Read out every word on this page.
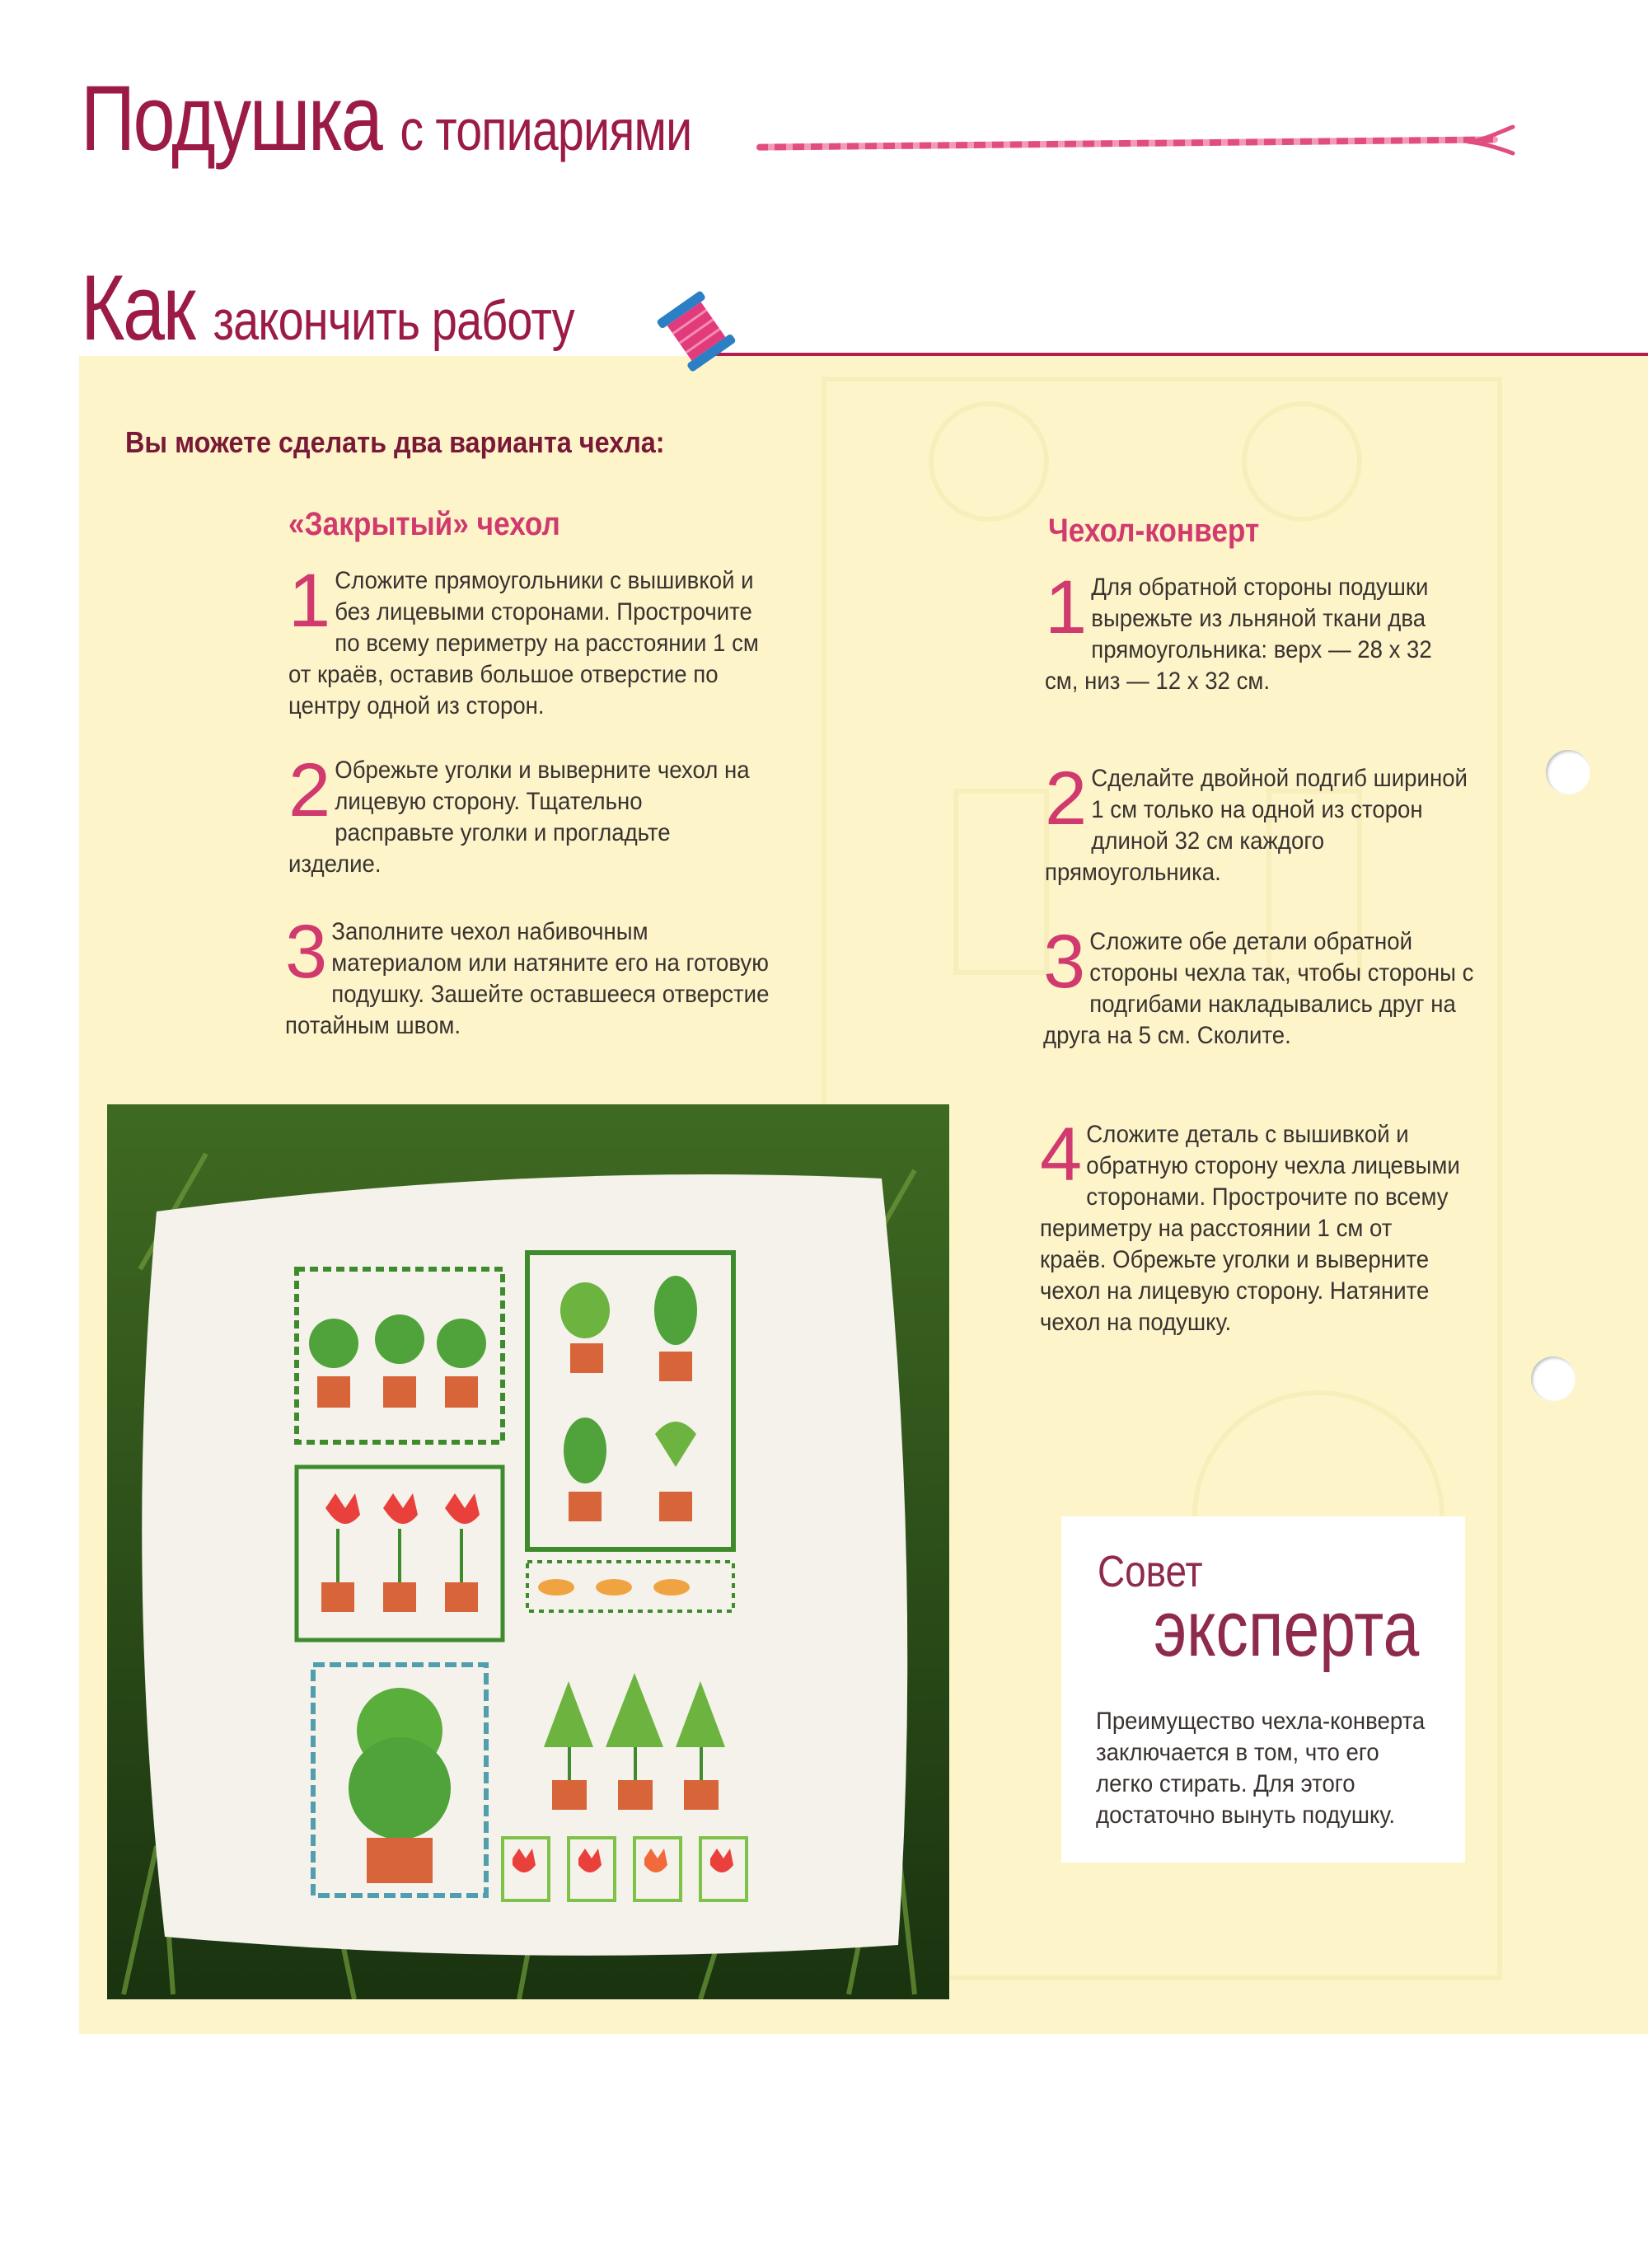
Подушка с топиариями
Как закончить работу

Вы можете сделать два варианта чехла:

«Закрытый» чехол
1 Сложите прямоугольники с вышивкой и без лицевыми сторонами. Прострочите по всему периметру на расстоянии 1 см от краёв, оставив большое отверстие по центру одной из сторон.

2 Обрежьте уголки и выверните чехол на лицевую сторону. Тщательно расправьте уголки и прогладьте изделие.

3 Заполните чехол набивочным материалом или натяните его на готовую подушку. Зашейте оставшееся отверстие потайным швом.

Чехол-конверт
1 Для обратной стороны подушки вырежьте из льняной ткани два прямоугольника: верх — 28 х 32 см, низ — 12 х 32 см.

2 Сделайте двойной подгиб шириной 1 см только на одной из сторон длиной 32 см каждого прямоугольника.

3 Сложите обе детали обратной стороны чехла так, чтобы стороны с подгибами накладывались друг на друга на 5 см. Сколите.

4 Сложите деталь с вышивкой и обратную сторону чехла лицевыми сторонами. Прострочите по всему периметру на расстоянии 1 см от краёв. Обрежьте уголки и выверните чехол на лицевую сторону. Натяните чехол на подушку.

Совет

эксперта

Преимущество чехла-конверта заключается в том, что его легко стирать. Для этого достаточно вынуть подушку.
